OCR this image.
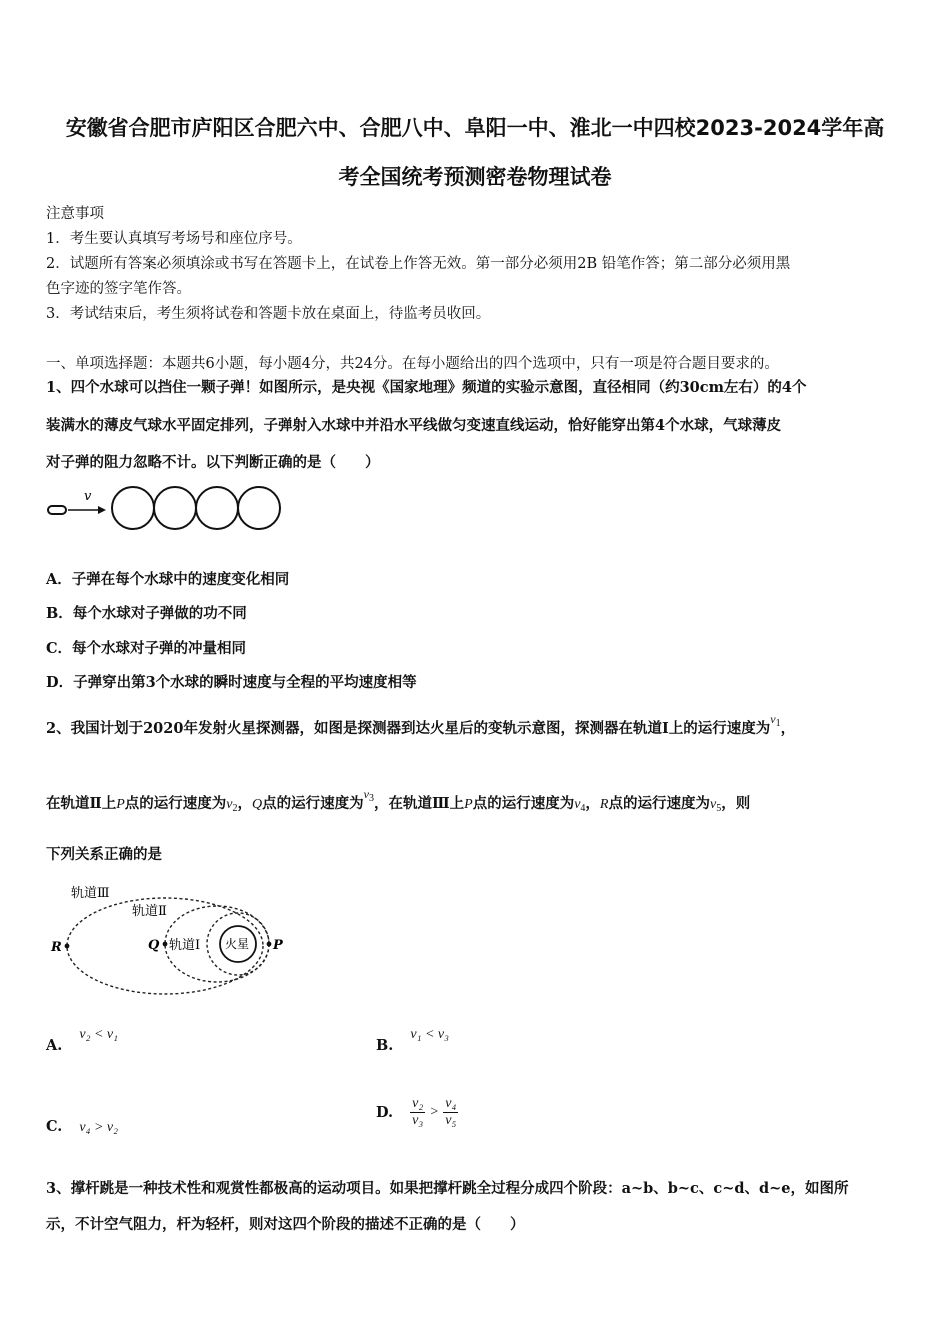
安徽省合肥市庐阳区合肥六中、合肥八中、阜阳一中、淮北一中四校2023-2024学年高
考全国统考预测密卷物理试卷
注意事项
1．考生要认真填写考场号和座位序号。
2．试题所有答案必须填涂或书写在答题卡上，在试卷上作答无效。第一部分必须用2B 铅笔作答；第二部分必须用黑
色字迹的签字笔作答。
3．考试结束后，考生须将试卷和答题卡放在桌面上，待监考员收回。
一、单项选择题：本题共6小题，每小题4分，共24分。在每小题给出的四个选项中，只有一项是符合题目要求的。
1、四个水球可以挡住一颗子弹！如图所示，是央视《国家地理》频道的实验示意图，直径相同（约30cm左右）的4个
装满水的薄皮气球水平固定排列，子弹射入水球中并沿水平线做匀变速直线运动，恰好能穿出第4个水球，气球薄皮
对子弹的阻力忽略不计。以下判断正确的是（　　）
v
A．子弹在每个水球中的速度变化相同
B．每个水球对子弹做的功不同
C．每个水球对子弹的冲量相同
D．子弹穿出第3个水球的瞬时速度与全程的平均速度相等
2、我国计划于2020年发射火星探测器，如图是探测器到达火星后的变轨示意图，探测器在轨道Ⅰ上的运行速度为$^{v_1}$，
在轨道Ⅱ上P点的运行速度为$v_2$，Q点的运行速度为$^{v_3}$，在轨道Ⅲ上P点的运行速度为$v_4$，R点的运行速度为$v_5$，则
下列关系正确的是
火星
R	Q	P
轨道Ⅲ
轨道Ⅱ
轨道Ⅰ
A. v₂ < v₁
B. v₁ < v₃
C. v₄ > v₂
D. $\frac{\text{v₂}}{\text{v₃}} > \frac{\text{v₄}}{\text{v₅}}$
3、撑杆跳是一种技术性和观赏性都极高的运动项目。如果把撑杆跳全过程分成四个阶段：a~b、b~c、c~d、d~e，如图所
示，不计空气阻力，杆为轻杆，则对这四个阶段的描述不正确的是（　　）
